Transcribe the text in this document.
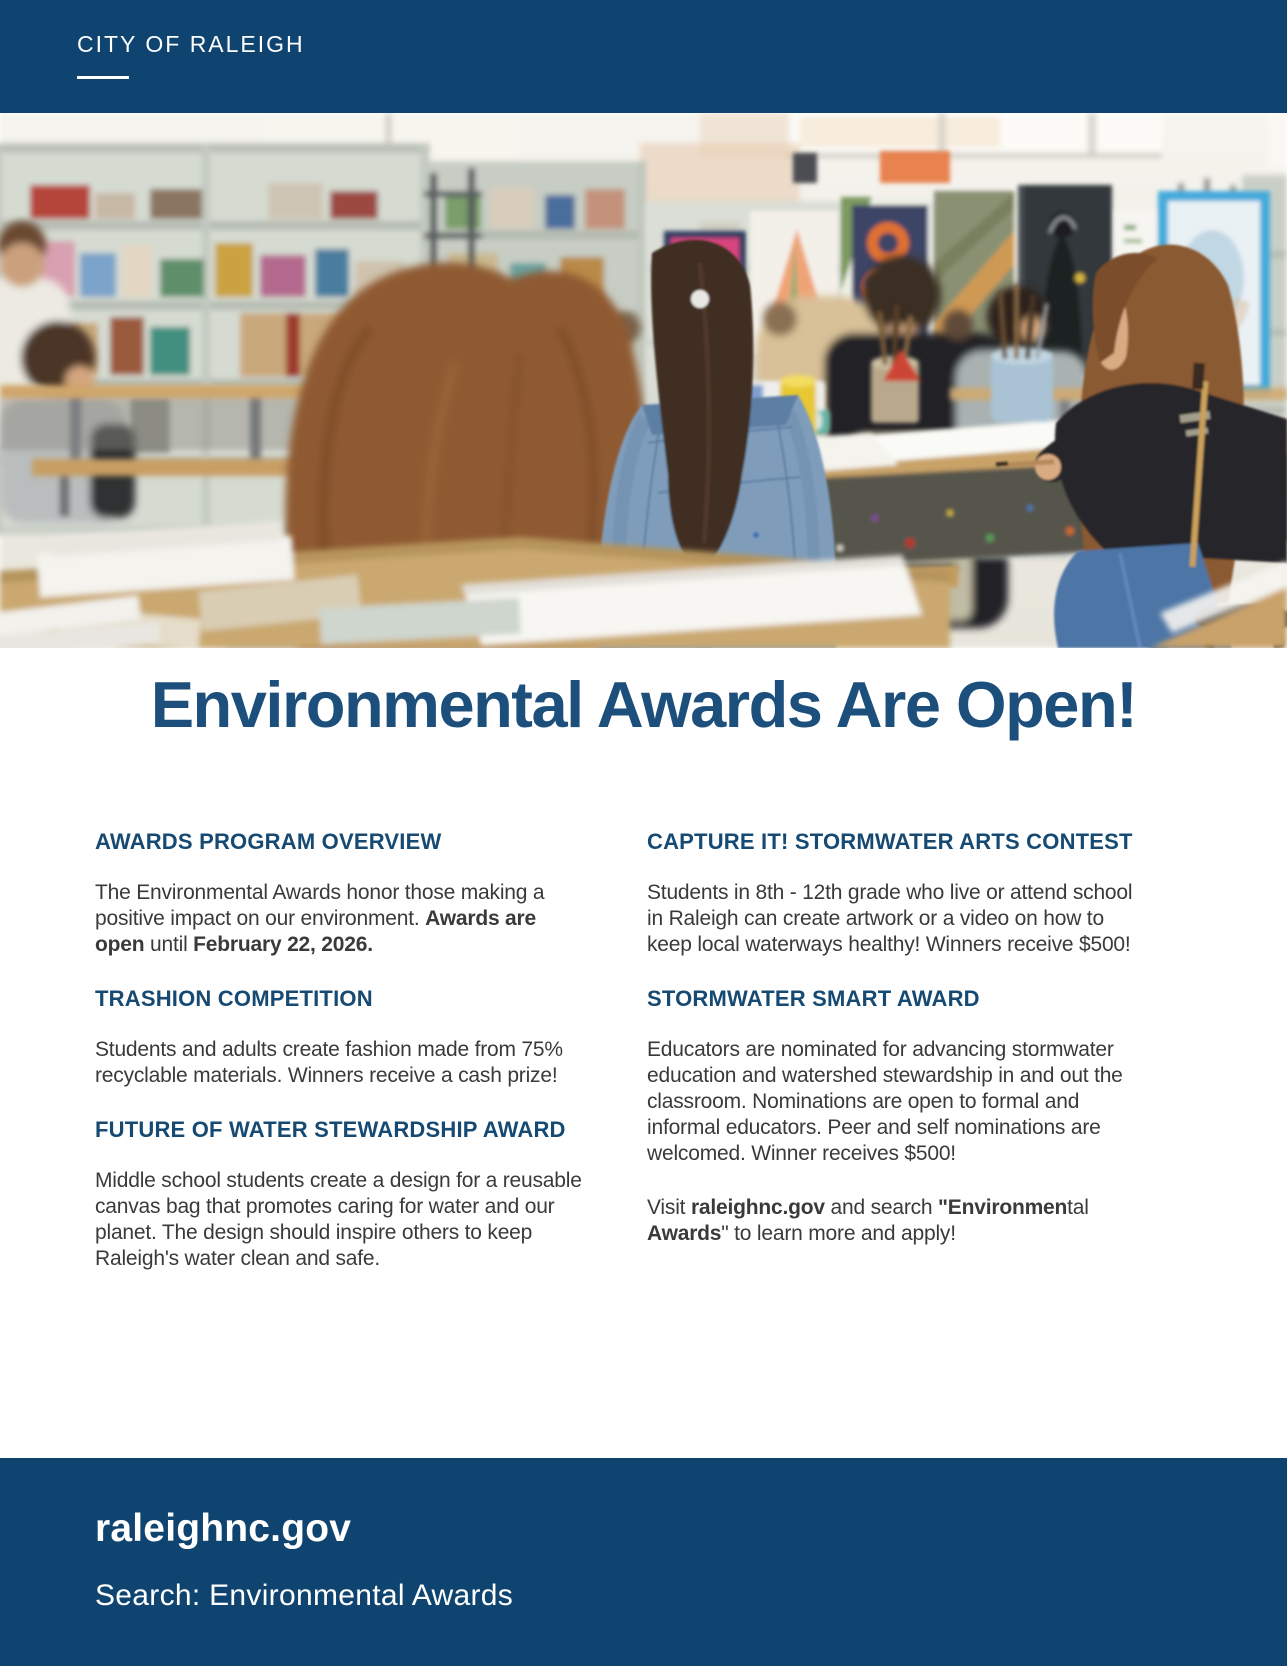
CITY OF RALEIGH
Environmental Awards Are Open!
AWARDS PROGRAM OVERVIEW

The Environmental Awards honor those making a positive impact on our environment. Awards are open until February 22, 2026.

TRASHION COMPETITION

Students and adults create fashion made from 75% recyclable materials. Winners receive a cash prize!

FUTURE OF WATER STEWARDSHIP AWARD

Middle school students create a design for a reusable canvas bag that promotes caring for water and our planet. The design should inspire others to keep Raleigh's water clean and safe.

CAPTURE IT! STORMWATER ARTS CONTEST

Students in 8th - 12th grade who live or attend school in Raleigh can create artwork or a video on how to keep local waterways healthy! Winners receive $500!

STORMWATER SMART AWARD

Educators are nominated for advancing stormwater education and watershed stewardship in and out the classroom. Nominations are open to formal and informal educators. Peer and self nominations are welcomed. Winner receives $500!

Visit raleighnc.gov and search "Environmental Awards" to learn more and apply!

raleighnc.gov
Search: Environmental Awards
